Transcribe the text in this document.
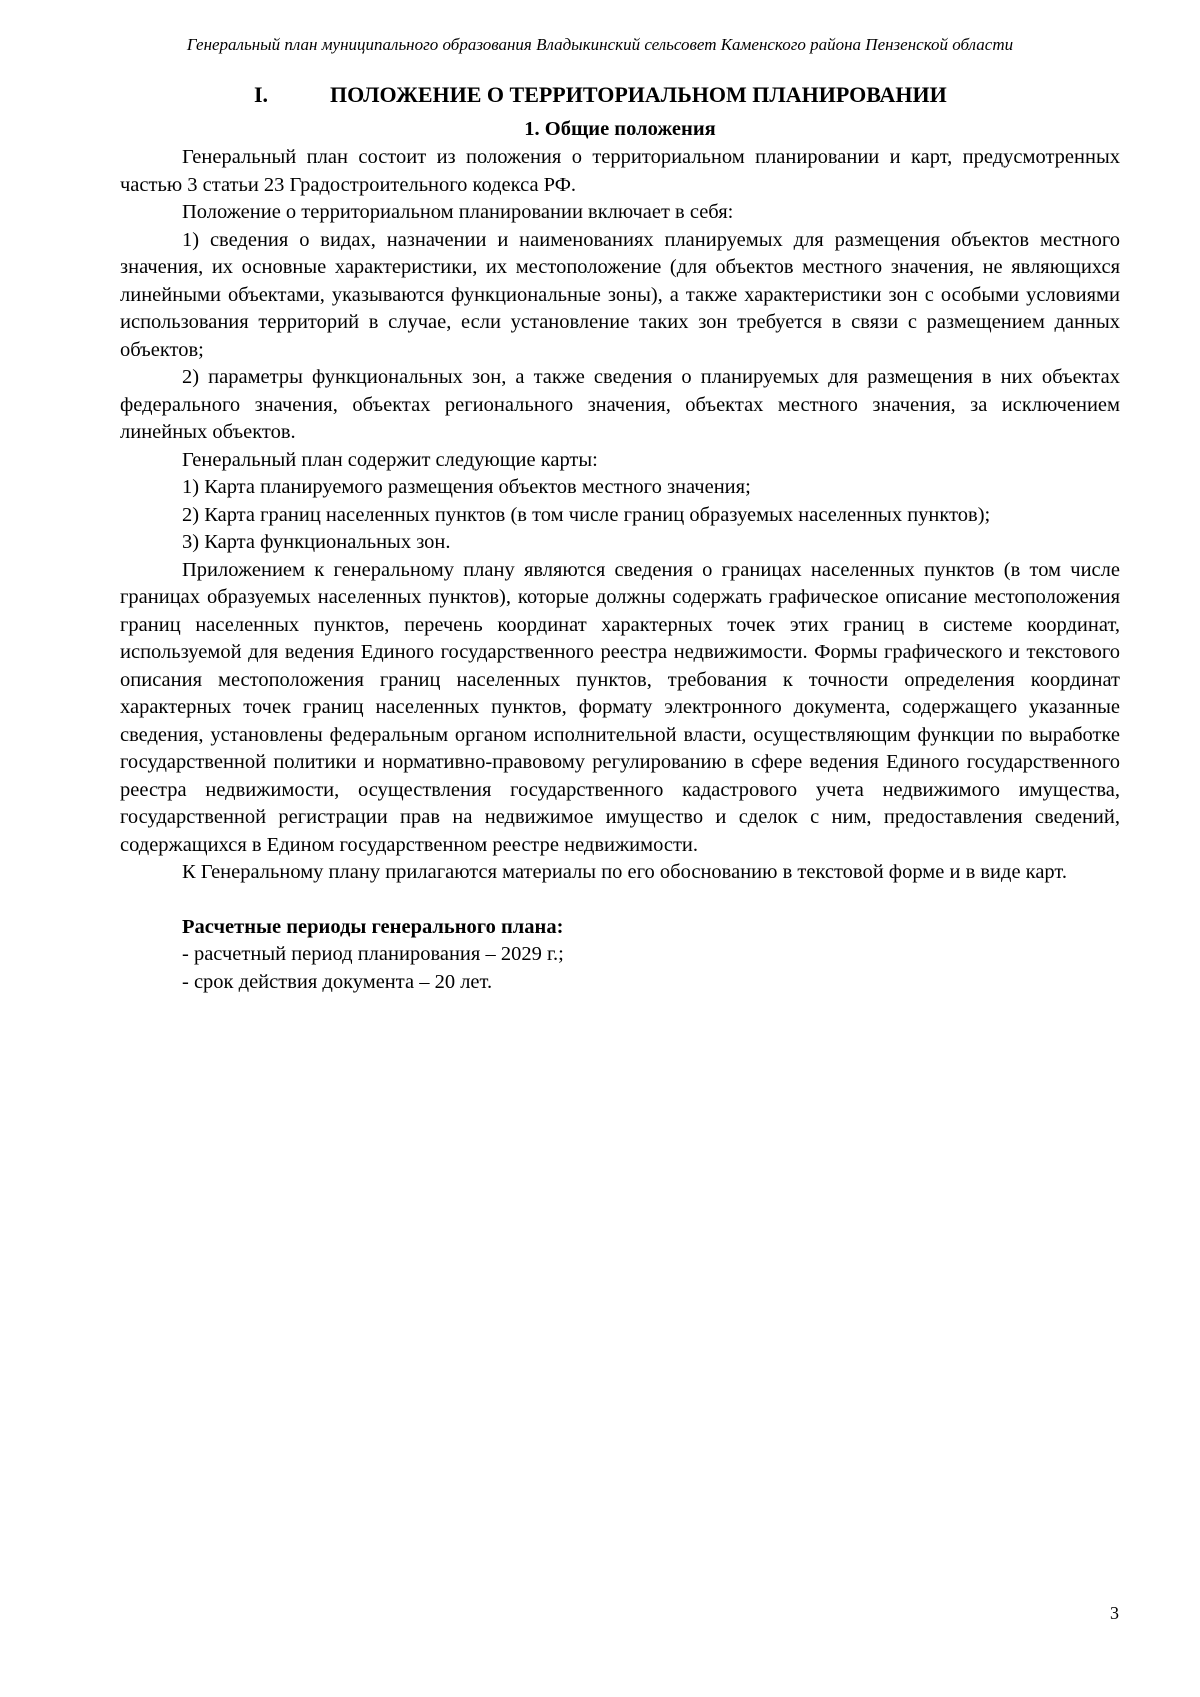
Генеральный план муниципального образования Владыкинский сельсовет Каменского района Пензенской области
I.	ПОЛОЖЕНИЕ О ТЕРРИТОРИАЛЬНОМ ПЛАНИРОВАНИИ
1. Общие положения

Генеральный план состоит из положения о территориальном планировании и карт, предусмотренных частью 3 статьи 23 Градостроительного кодекса РФ.

Положение о территориальном планировании включает в себя:

1) сведения о видах, назначении и наименованиях планируемых для размещения объектов местного значения, их основные характеристики, их местоположение (для объектов местного значения, не являющихся линейными объектами, указываются функциональные зоны), а также характеристики зон с особыми условиями использования территорий в случае, если установление таких зон требуется в связи с размещением данных объектов;

2) параметры функциональных зон, а также сведения о планируемых для размещения в них объектах федерального значения, объектах регионального значения, объектах местного значения, за исключением линейных объектов.

Генеральный план содержит следующие карты:

1) Карта планируемого размещения объектов местного значения;

2) Карта границ населенных пунктов (в том числе границ образуемых населенных пунктов);

3) Карта функциональных зон.

Приложением к генеральному плану являются сведения о границах населенных пунктов (в том числе границах образуемых населенных пунктов), которые должны содержать графическое описание местоположения границ населенных пунктов, перечень координат характерных точек этих границ в системе координат, используемой для ведения Единого государственного реестра недвижимости. Формы графического и текстового описания местоположения границ населенных пунктов, требования к точности определения координат характерных точек границ населенных пунктов, формату электронного документа, содержащего указанные сведения, установлены федеральным органом исполнительной власти, осуществляющим функции по выработке государственной политики и нормативно-правовому регулированию в сфере ведения Единого государственного реестра недвижимости, осуществления государственного кадастрового учета недвижимого имущества, государственной регистрации прав на недвижимое имущество и сделок с ним, предоставления сведений, содержащихся в Едином государственном реестре недвижимости.

К Генеральному плану прилагаются материалы по его обоснованию в текстовой форме и в виде карт.

Расчетные периоды генерального плана:

- расчетный период планирования – 2029 г.;

- срок действия документа – 20 лет.

3
